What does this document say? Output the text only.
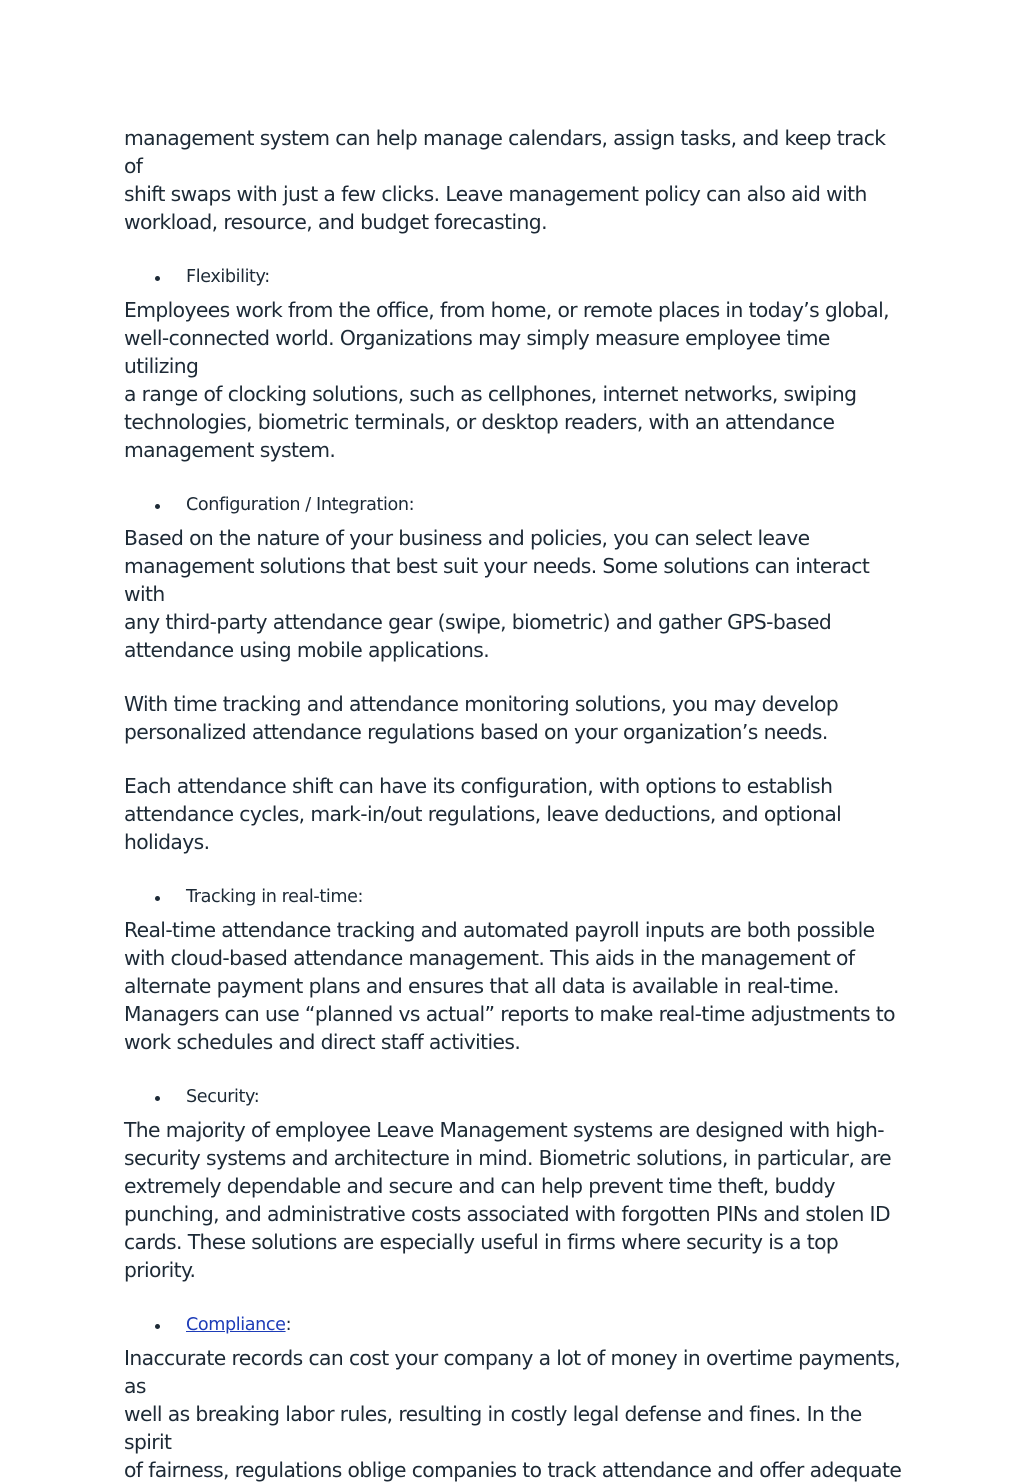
management system can help manage calendars, assign tasks, and keep track of
shift swaps with just a few clicks. Leave management policy can also aid with
workload, resource, and budget forecasting.

Flexibility:

Employees work from the office, from home, or remote places in today’s global,
well-connected world. Organizations may simply measure employee time utilizing
a range of clocking solutions, such as cellphones, internet networks, swiping
technologies, biometric terminals, or desktop readers, with an attendance
management system.

Configuration / Integration:

Based on the nature of your business and policies, you can select leave
management solutions that best suit your needs. Some solutions can interact with
any third-party attendance gear (swipe, biometric) and gather GPS-based
attendance using mobile applications.

With time tracking and attendance monitoring solutions, you may develop
personalized attendance regulations based on your organization’s needs.

Each attendance shift can have its configuration, with options to establish
attendance cycles, mark-in/out regulations, leave deductions, and optional
holidays.

Tracking in real-time:

Real-time attendance tracking and automated payroll inputs are both possible
with cloud-based attendance management. This aids in the management of
alternate payment plans and ensures that all data is available in real-time.
Managers can use “planned vs actual” reports to make real-time adjustments to
work schedules and direct staff activities.

Security:

The majority of employee Leave Management systems are designed with high-
security systems and architecture in mind. Biometric solutions, in particular, are
extremely dependable and secure and can help prevent time theft, buddy
punching, and administrative costs associated with forgotten PINs and stolen ID
cards. These solutions are especially useful in firms where security is a top priority.

Compliance:

Inaccurate records can cost your company a lot of money in overtime payments, as
well as breaking labor rules, resulting in costly legal defense and fines. In the spirit
of fairness, regulations oblige companies to track attendance and offer adequate
